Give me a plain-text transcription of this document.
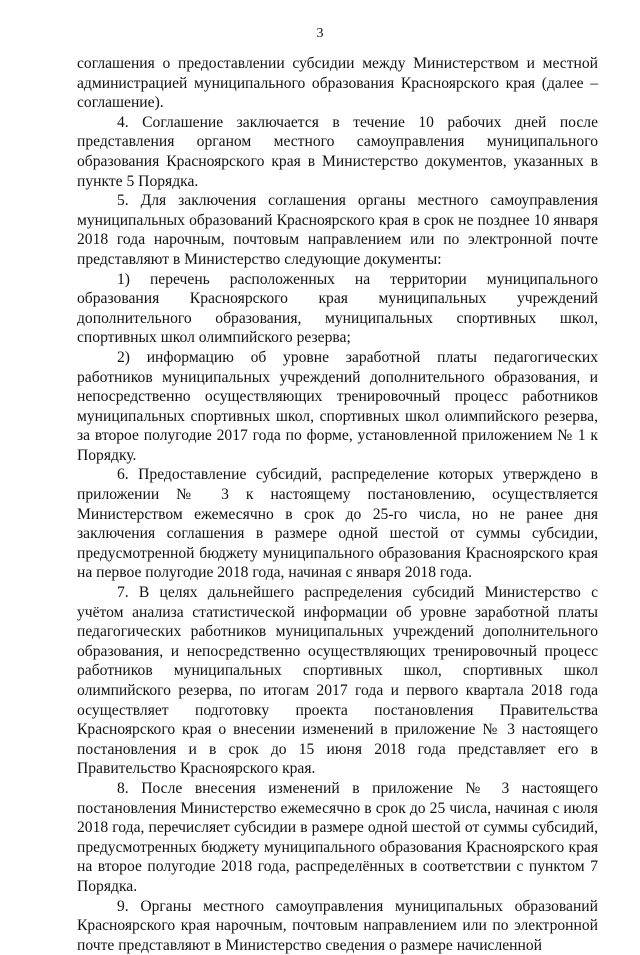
3

соглашения о предоставлении субсидии между Министерством и местной администрацией муниципального образования Красноярского края (далее – соглашение).

4. Соглашение заключается в течение 10 рабочих дней после представления органом местного самоуправления муниципального образования Красноярского края в Министерство документов, указанных в пункте 5 Порядка.

5. Для заключения соглашения органы местного самоуправления муниципальных образований Красноярского края в срок не позднее 10 января 2018 года нарочным, почтовым направлением или по электронной почте представляют в Министерство следующие документы:

1) перечень расположенных на территории муниципального образования Красноярского края муниципальных учреждений дополнительного образования, муниципальных спортивных школ, спортивных школ олимпийского резерва;

2) информацию об уровне заработной платы педагогических работников муниципальных учреждений дополнительного образования, и непосредственно осуществляющих тренировочный процесс работников муниципальных спортивных школ, спортивных школ олимпийского резерва, за второе полугодие 2017 года по форме, установленной приложением № 1 к Порядку.

6. Предоставление субсидий, распределение которых утверждено в приложении № 3 к настоящему постановлению, осуществляется Министерством ежемесячно в срок до 25-го числа, но не ранее дня заключения соглашения в размере одной шестой от суммы субсидии, предусмотренной бюджету муниципального образования Красноярского края на первое полугодие 2018 года, начиная с января 2018 года.

7. В целях дальнейшего распределения субсидий Министерство с учётом анализа статистической информации об уровне заработной платы педагогических работников муниципальных учреждений дополнительного образования, и непосредственно осуществляющих тренировочный процесс работников муниципальных спортивных школ, спортивных школ олимпийского резерва, по итогам 2017 года и первого квартала 2018 года осуществляет подготовку проекта постановления Правительства Красноярского края о внесении изменений в приложение № 3 настоящего постановления и в срок до 15 июня 2018 года представляет его в Правительство Красноярского края.

8. После внесения изменений в приложение № 3 настоящего постановления Министерство ежемесячно в срок до 25 числа, начиная с июля 2018 года, перечисляет субсидии в размере одной шестой от суммы субсидий, предусмотренных бюджету муниципального образования Красноярского края на второе полугодие 2018 года, распределённых в соответствии с пунктом 7 Порядка.

9. Органы местного самоуправления муниципальных образований Красноярского края нарочным, почтовым направлением или по электронной почте представляют в Министерство сведения о размере начисленной
